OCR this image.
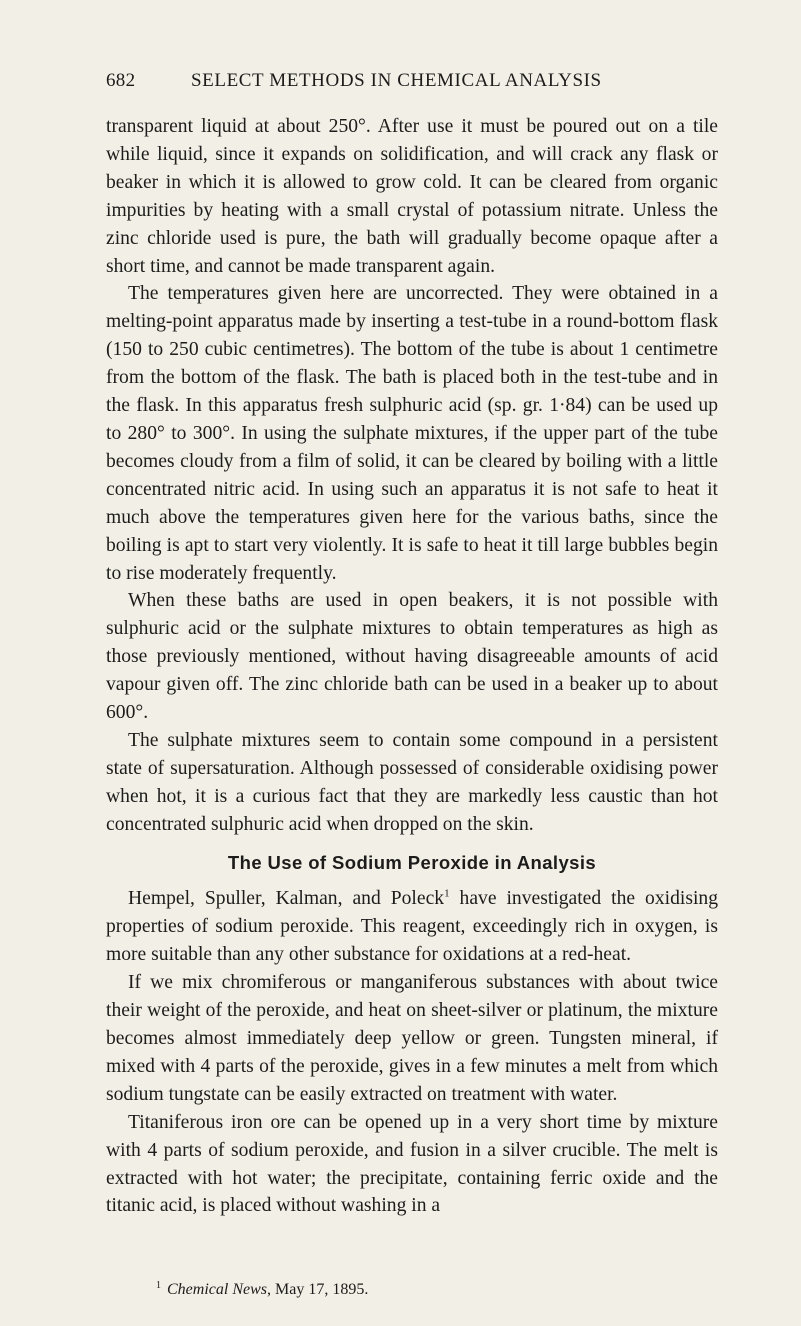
682	SELECT METHODS IN CHEMICAL ANALYSIS

transparent liquid at about 250°. After use it must be poured out on a tile while liquid, since it expands on solidification, and will crack any flask or beaker in which it is allowed to grow cold. It can be cleared from organic impurities by heating with a small crystal of potassium nitrate. Unless the zinc chloride used is pure, the bath will gradually become opaque after a short time, and cannot be made transparent again.

The temperatures given here are uncorrected. They were obtained in a melting-point apparatus made by inserting a test-tube in a round-bottom flask (150 to 250 cubic centimetres). The bottom of the tube is about 1 centimetre from the bottom of the flask. The bath is placed both in the test-tube and in the flask. In this apparatus fresh sulphuric acid (sp. gr. 1·84) can be used up to 280° to 300°. In using the sulphate mixtures, if the upper part of the tube becomes cloudy from a film of solid, it can be cleared by boiling with a little concentrated nitric acid. In using such an apparatus it is not safe to heat it much above the temperatures given here for the various baths, since the boiling is apt to start very violently. It is safe to heat it till large bubbles begin to rise moderately frequently.

When these baths are used in open beakers, it is not possible with sulphuric acid or the sulphate mixtures to obtain temperatures as high as those previously mentioned, without having disagreeable amounts of acid vapour given off. The zinc chloride bath can be used in a beaker up to about 600°.

The sulphate mixtures seem to contain some compound in a persistent state of supersaturation. Although possessed of considerable oxidising power when hot, it is a curious fact that they are markedly less caustic than hot concentrated sulphuric acid when dropped on the skin.

The Use of Sodium Peroxide in Analysis

Hempel, Spuller, Kalman, and Poleck$^1$ have investigated the oxidising properties of sodium peroxide. This reagent, exceedingly rich in oxygen, is more suitable than any other substance for oxidations at a red-heat.

If we mix chromiferous or manganiferous substances with about twice their weight of the peroxide, and heat on sheet-silver or platinum, the mixture becomes almost immediately deep yellow or green. Tungsten mineral, if mixed with 4 parts of the peroxide, gives in a few minutes a melt from which sodium tungstate can be easily extracted on treatment with water.

Titaniferous iron ore can be opened up in a very short time by mixture with 4 parts of sodium peroxide, and fusion in a silver crucible. The melt is extracted with hot water; the precipitate, containing ferric oxide and the titanic acid, is placed without washing in a

$^1$ Chemical News, May 17, 1895.
